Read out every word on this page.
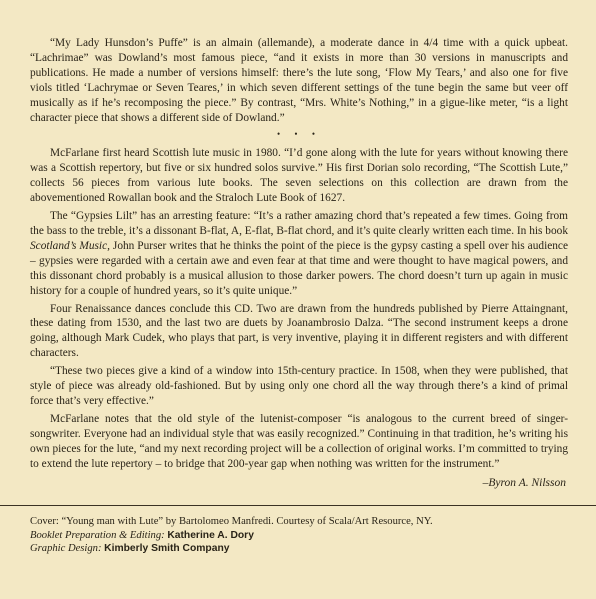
“My Lady Hunsdon’s Puffe” is an almain (allemande), a moderate dance in 4/4 time with a quick upbeat. “Lachrimae” was Dowland’s most famous piece, “and it exists in more than 30 versions in manuscripts and publications. He made a number of versions himself: there’s the lute song, ‘Flow My Tears,’ and also one for five viols titled ‘Lachrymae or Seven Teares,’ in which seven different settings of the tune begin the same but veer off musically as if he’s recomposing the piece.” By contrast, “Mrs. White’s Nothing,” in a gigue-like meter, “is a light character piece that shows a different side of Dowland.”

• • •

McFarlane first heard Scottish lute music in 1980. “I’d gone along with the lute for years without knowing there was a Scottish repertory, but five or six hundred solos survive.” His first Dorian solo recording, “The Scottish Lute,” collects 56 pieces from various lute books. The seven selections on this collection are drawn from the abovementioned Rowallan book and the Straloch Lute Book of 1627.

The “Gypsies Lilt” has an arresting feature: “It’s a rather amazing chord that’s repeated a few times. Going from the bass to the treble, it’s a dissonant B-flat, A, E-flat, B-flat chord, and it’s quite clearly written each time. In his book Scotland’s Music, John Purser writes that he thinks the point of the piece is the gypsy casting a spell over his audience – gypsies were regarded with a certain awe and even fear at that time and were thought to have magical powers, and this dissonant chord probably is a musical allusion to those darker powers. The chord doesn’t turn up again in music history for a couple of hundred years, so it’s quite unique.”

Four Renaissance dances conclude this CD. Two are drawn from the hundreds published by Pierre Attaingnant, these dating from 1530, and the last two are duets by Joanambrosio Dalza. “The second instrument keeps a drone going, although Mark Cudek, who plays that part, is very inventive, playing it in different registers and with different characters.

“These two pieces give a kind of a window into 15th-century practice. In 1508, when they were published, that style of piece was already old-fashioned. But by using only one chord all the way through there’s a kind of primal force that’s very effective.”

McFarlane notes that the old style of the lutenist-composer “is analogous to the current breed of singer-songwriter. Everyone had an individual style that was easily recognized.” Continuing in that tradition, he’s writing his own pieces for the lute, “and my next recording project will be a collection of original works. I’m committed to trying to extend the lute repertory – to bridge that 200-year gap when nothing was written for the instrument.”

–Byron A. Nilsson
Cover: “Young man with Lute” by Bartolomeo Manfredi. Courtesy of Scala/Art Resource, NY.
Booklet Preparation & Editing: Katherine A. Dory
Graphic Design: Kimberly Smith Company
